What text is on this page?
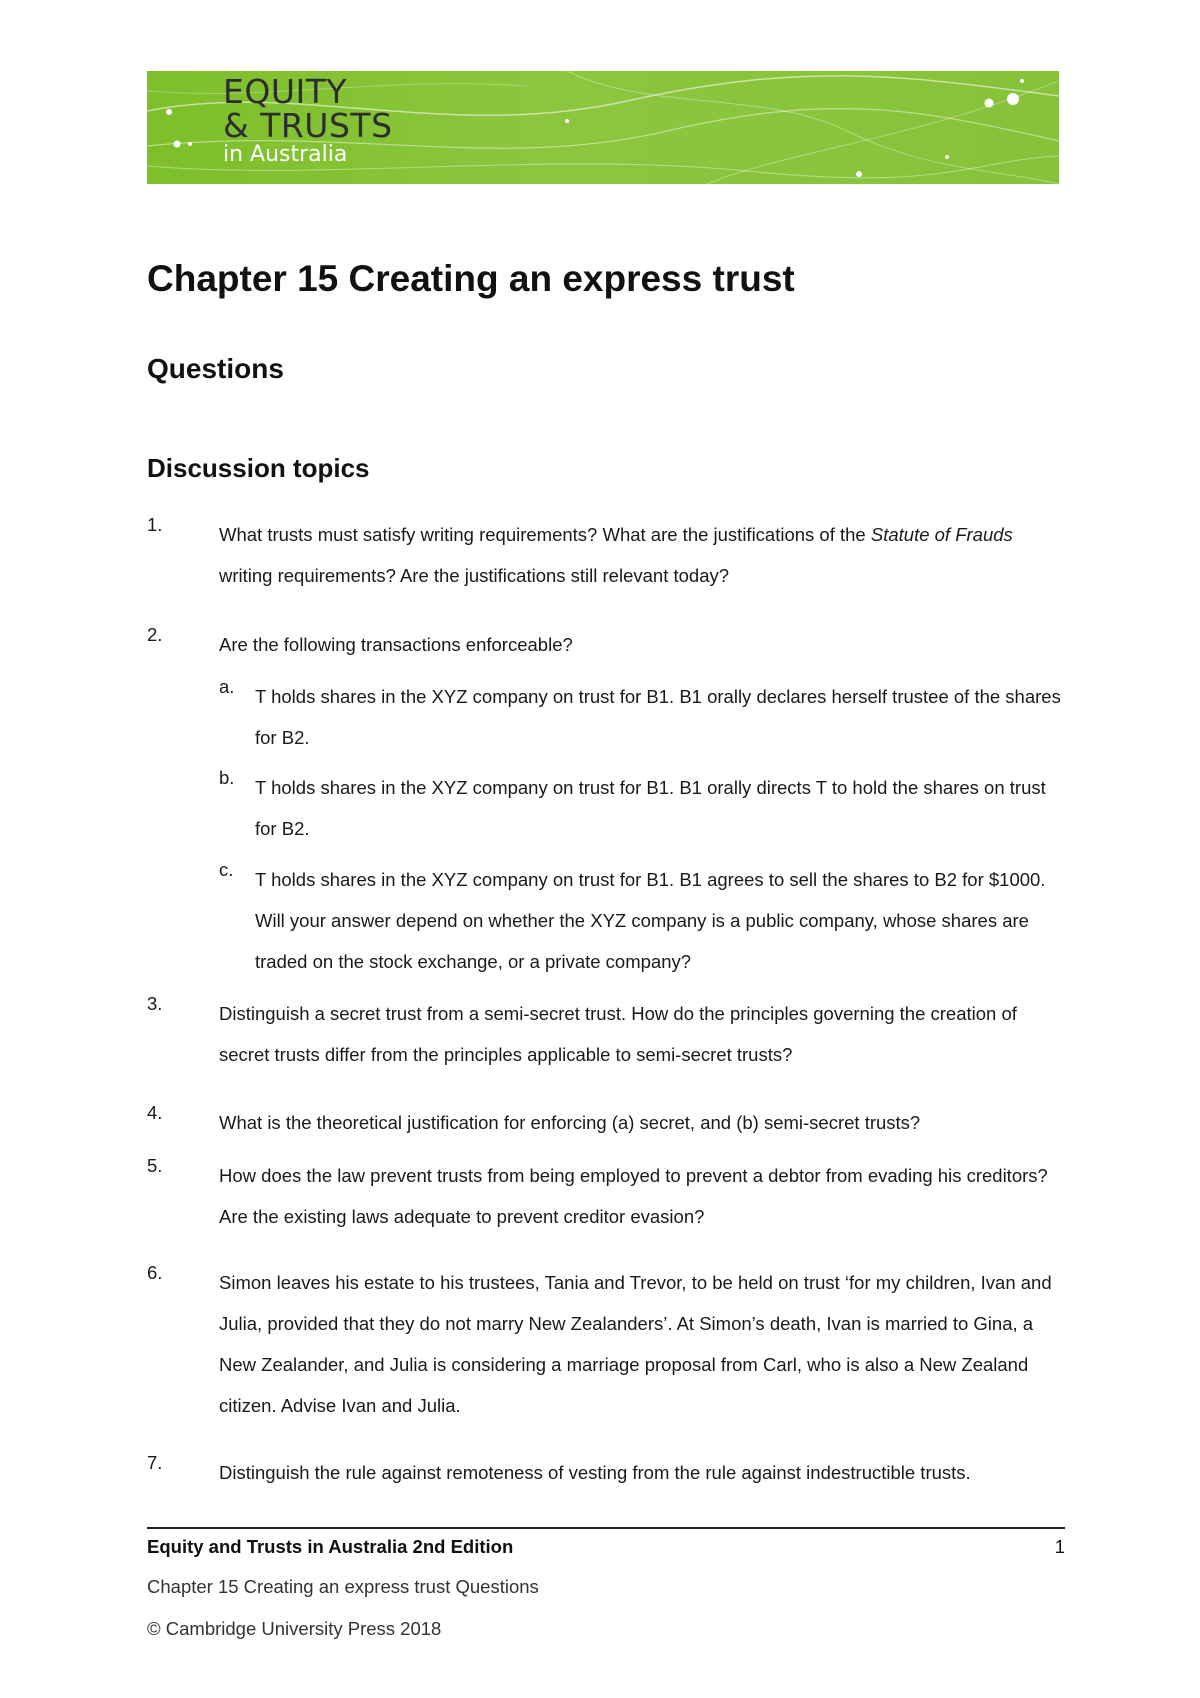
EQUITY
& TRUSTS
in Australia
Chapter 15 Creating an express trust
Questions
Discussion topics
1.	What trusts must satisfy writing requirements? What are the justifications of the Statute of Frauds writing requirements? Are the justifications still relevant today?
2.	Are the following transactions enforceable?
a.	T holds shares in the XYZ company on trust for B1. B1 orally declares herself trustee of the shares for B2.
b.	T holds shares in the XYZ company on trust for B1. B1 orally directs T to hold the shares on trust for B2.
c.	T holds shares in the XYZ company on trust for B1. B1 agrees to sell the shares to B2 for $1000. Will your answer depend on whether the XYZ company is a public company, whose shares are traded on the stock exchange, or a private company?
3.	Distinguish a secret trust from a semi-secret trust. How do the principles governing the creation of secret trusts differ from the principles applicable to semi-secret trusts?
4.	What is the theoretical justification for enforcing (a) secret, and (b) semi-secret trusts?
5.	How does the law prevent trusts from being employed to prevent a debtor from evading his creditors? Are the existing laws adequate to prevent creditor evasion?
6.	Simon leaves his estate to his trustees, Tania and Trevor, to be held on trust ‘for my children, Ivan and Julia, provided that they do not marry New Zealanders’. At Simon’s death, Ivan is married to Gina, a New Zealander, and Julia is considering a marriage proposal from Carl, who is also a New Zealand citizen. Advise Ivan and Julia.
7.	Distinguish the rule against remoteness of vesting from the rule against indestructible trusts.
Equity and Trusts in Australia 2nd Edition	1
Chapter 15 Creating an express trust Questions
© Cambridge University Press 2018
